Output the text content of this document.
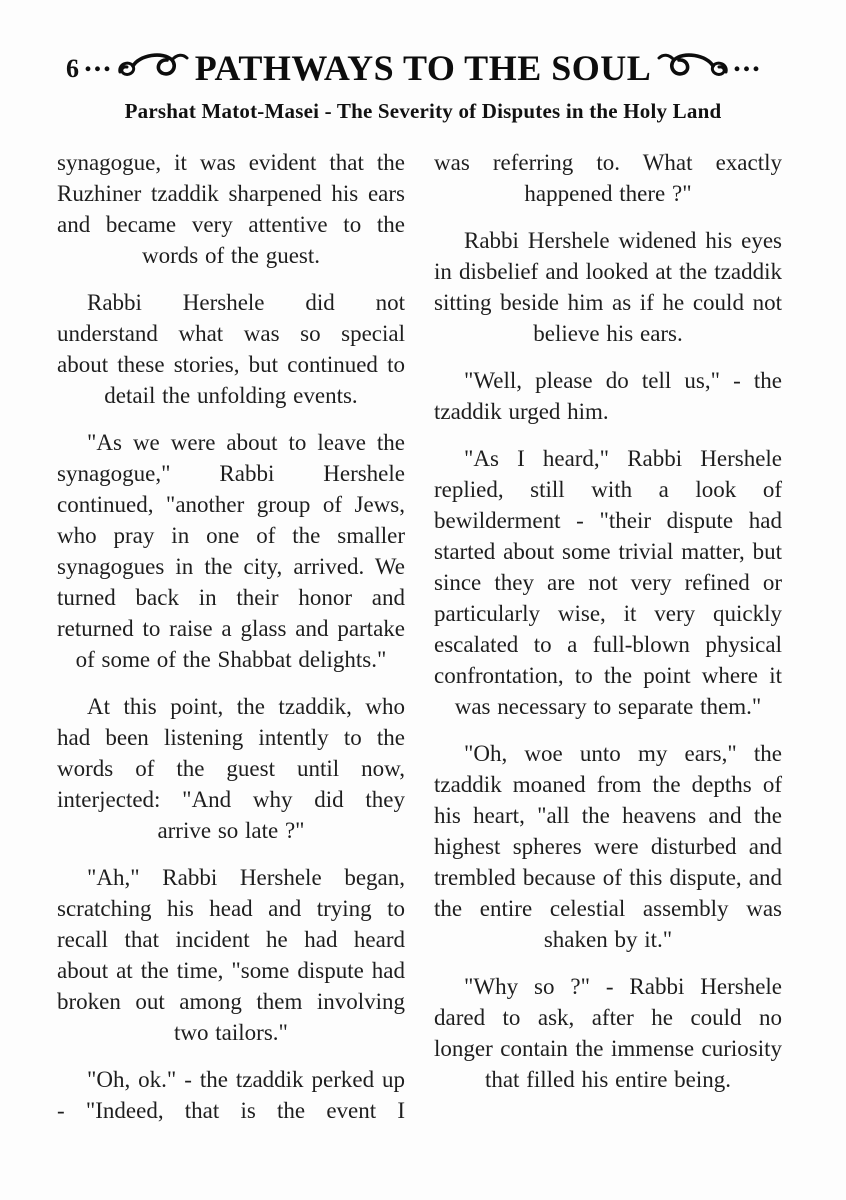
6 ... PATHWAYS TO THE SOUL	...
Parshat Matot-Masei - The Severity of Disputes in the Holy Land

synagogue, it was evident that the Ruzhiner tzaddik sharpened his ears and became very attentive to the words of the guest.

Rabbi Hershele did not understand what was so special about these stories, but continued to detail the unfolding events.

"As we were about to leave the synagogue," Rabbi Hershele continued, "another group of Jews, who pray in one of the smaller synagogues in the city, arrived. We turned back in their honor and returned to raise a glass and partake of some of the Shabbat delights."

At this point, the tzaddik, who had been listening intently to the words of the guest until now, interjected: "And why did they arrive so late ?"

"Ah," Rabbi Hershele began, scratching his head and trying to recall that incident he had heard about at the time, "some dispute had broken out among them involving two tailors."

"Oh, ok." - the tzaddik perked up - "Indeed, that is the event I

was referring to. What exactly happened there ?"

Rabbi Hershele widened his eyes in disbelief and looked at the tzaddik sitting beside him as if he could not believe his ears.

"Well, please do tell us," - the tzaddik urged him.

"As I heard," Rabbi Hershele replied, still with a look of bewilderment - "their dispute had started about some trivial matter, but since they are not very refined or particularly wise, it very quickly escalated to a full-blown physical confrontation, to the point where it was necessary to separate them."

"Oh, woe unto my ears," the tzaddik moaned from the depths of his heart, "all the heavens and the highest spheres were disturbed and trembled because of this dispute, and the entire celestial assembly was shaken by it."

"Why so ?" - Rabbi Hershele dared to ask, after he could no longer contain the immense curiosity that filled his entire being.
